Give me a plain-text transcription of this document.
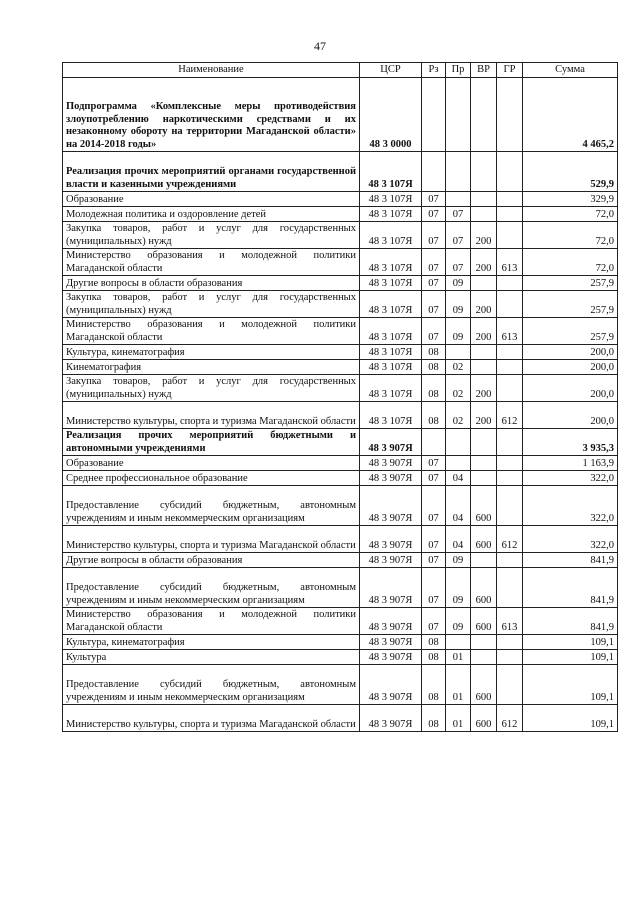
47
Наименование	ЦСР	Рз	Пр	ВР	ГР	Сумма
Подпрограмма «Комплексные меры противодействия злоупотреблению наркотическими средствами и их незаконному обороту на территории Магаданской области» на 2014-2018 годы»	48 3 0000					4 465,2
Реализация прочих мероприятий органами государственной власти и казенными учреждениями	48 3 107Я					529,9
Образование	48 3 107Я	07				329,9
Молодежная политика и оздоровление детей	48 3 107Я	07	07			72,0
Закупка товаров, работ и услуг для государственных (муниципальных) нужд	48 3 107Я	07	07	200		72,0
Министерство образования и молодежной политики Магаданской области	48 3 107Я	07	07	200	613	72,0
Другие вопросы в области образования	48 3 107Я	07	09			257,9
Закупка товаров, работ и услуг для государственных (муниципальных) нужд	48 3 107Я	07	09	200		257,9
Министерство образования и молодежной политики Магаданской области	48 3 107Я	07	09	200	613	257,9
Культура, кинематография	48 3 107Я	08				200,0
Кинематография	48 3 107Я	08	02			200,0
Закупка товаров, работ и услуг для государственных (муниципальных) нужд	48 3 107Я	08	02	200		200,0
Министерство культуры, спорта и туризма Магаданской области	48 3 107Я	08	02	200	612	200,0
Реализация прочих мероприятий бюджетными и автономными учреждениями	48 3 907Я					3 935,3
Образование	48 3 907Я	07				1 163,9
Среднее профессиональное образование	48 3 907Я	07	04			322,0
Предоставление субсидий бюджетным, автономным учреждениям и иным некоммерческим организациям	48 3 907Я	07	04	600		322,0
Министерство культуры, спорта и туризма Магаданской области	48 3 907Я	07	04	600	612	322,0
Другие вопросы в области образования	48 3 907Я	07	09			841,9
Предоставление субсидий бюджетным, автономным учреждениям и иным некоммерческим организациям	48 3 907Я	07	09	600		841,9
Министерство образования и молодежной политики Магаданской области	48 3 907Я	07	09	600	613	841,9
Культура, кинематография	48 3 907Я	08				109,1
Культура	48 3 907Я	08	01			109,1
Предоставление субсидий бюджетным, автономным учреждениям и иным некоммерческим организациям	48 3 907Я	08	01	600		109,1
Министерство культуры, спорта и туризма Магаданской области	48 3 907Я	08	01	600	612	109,1
